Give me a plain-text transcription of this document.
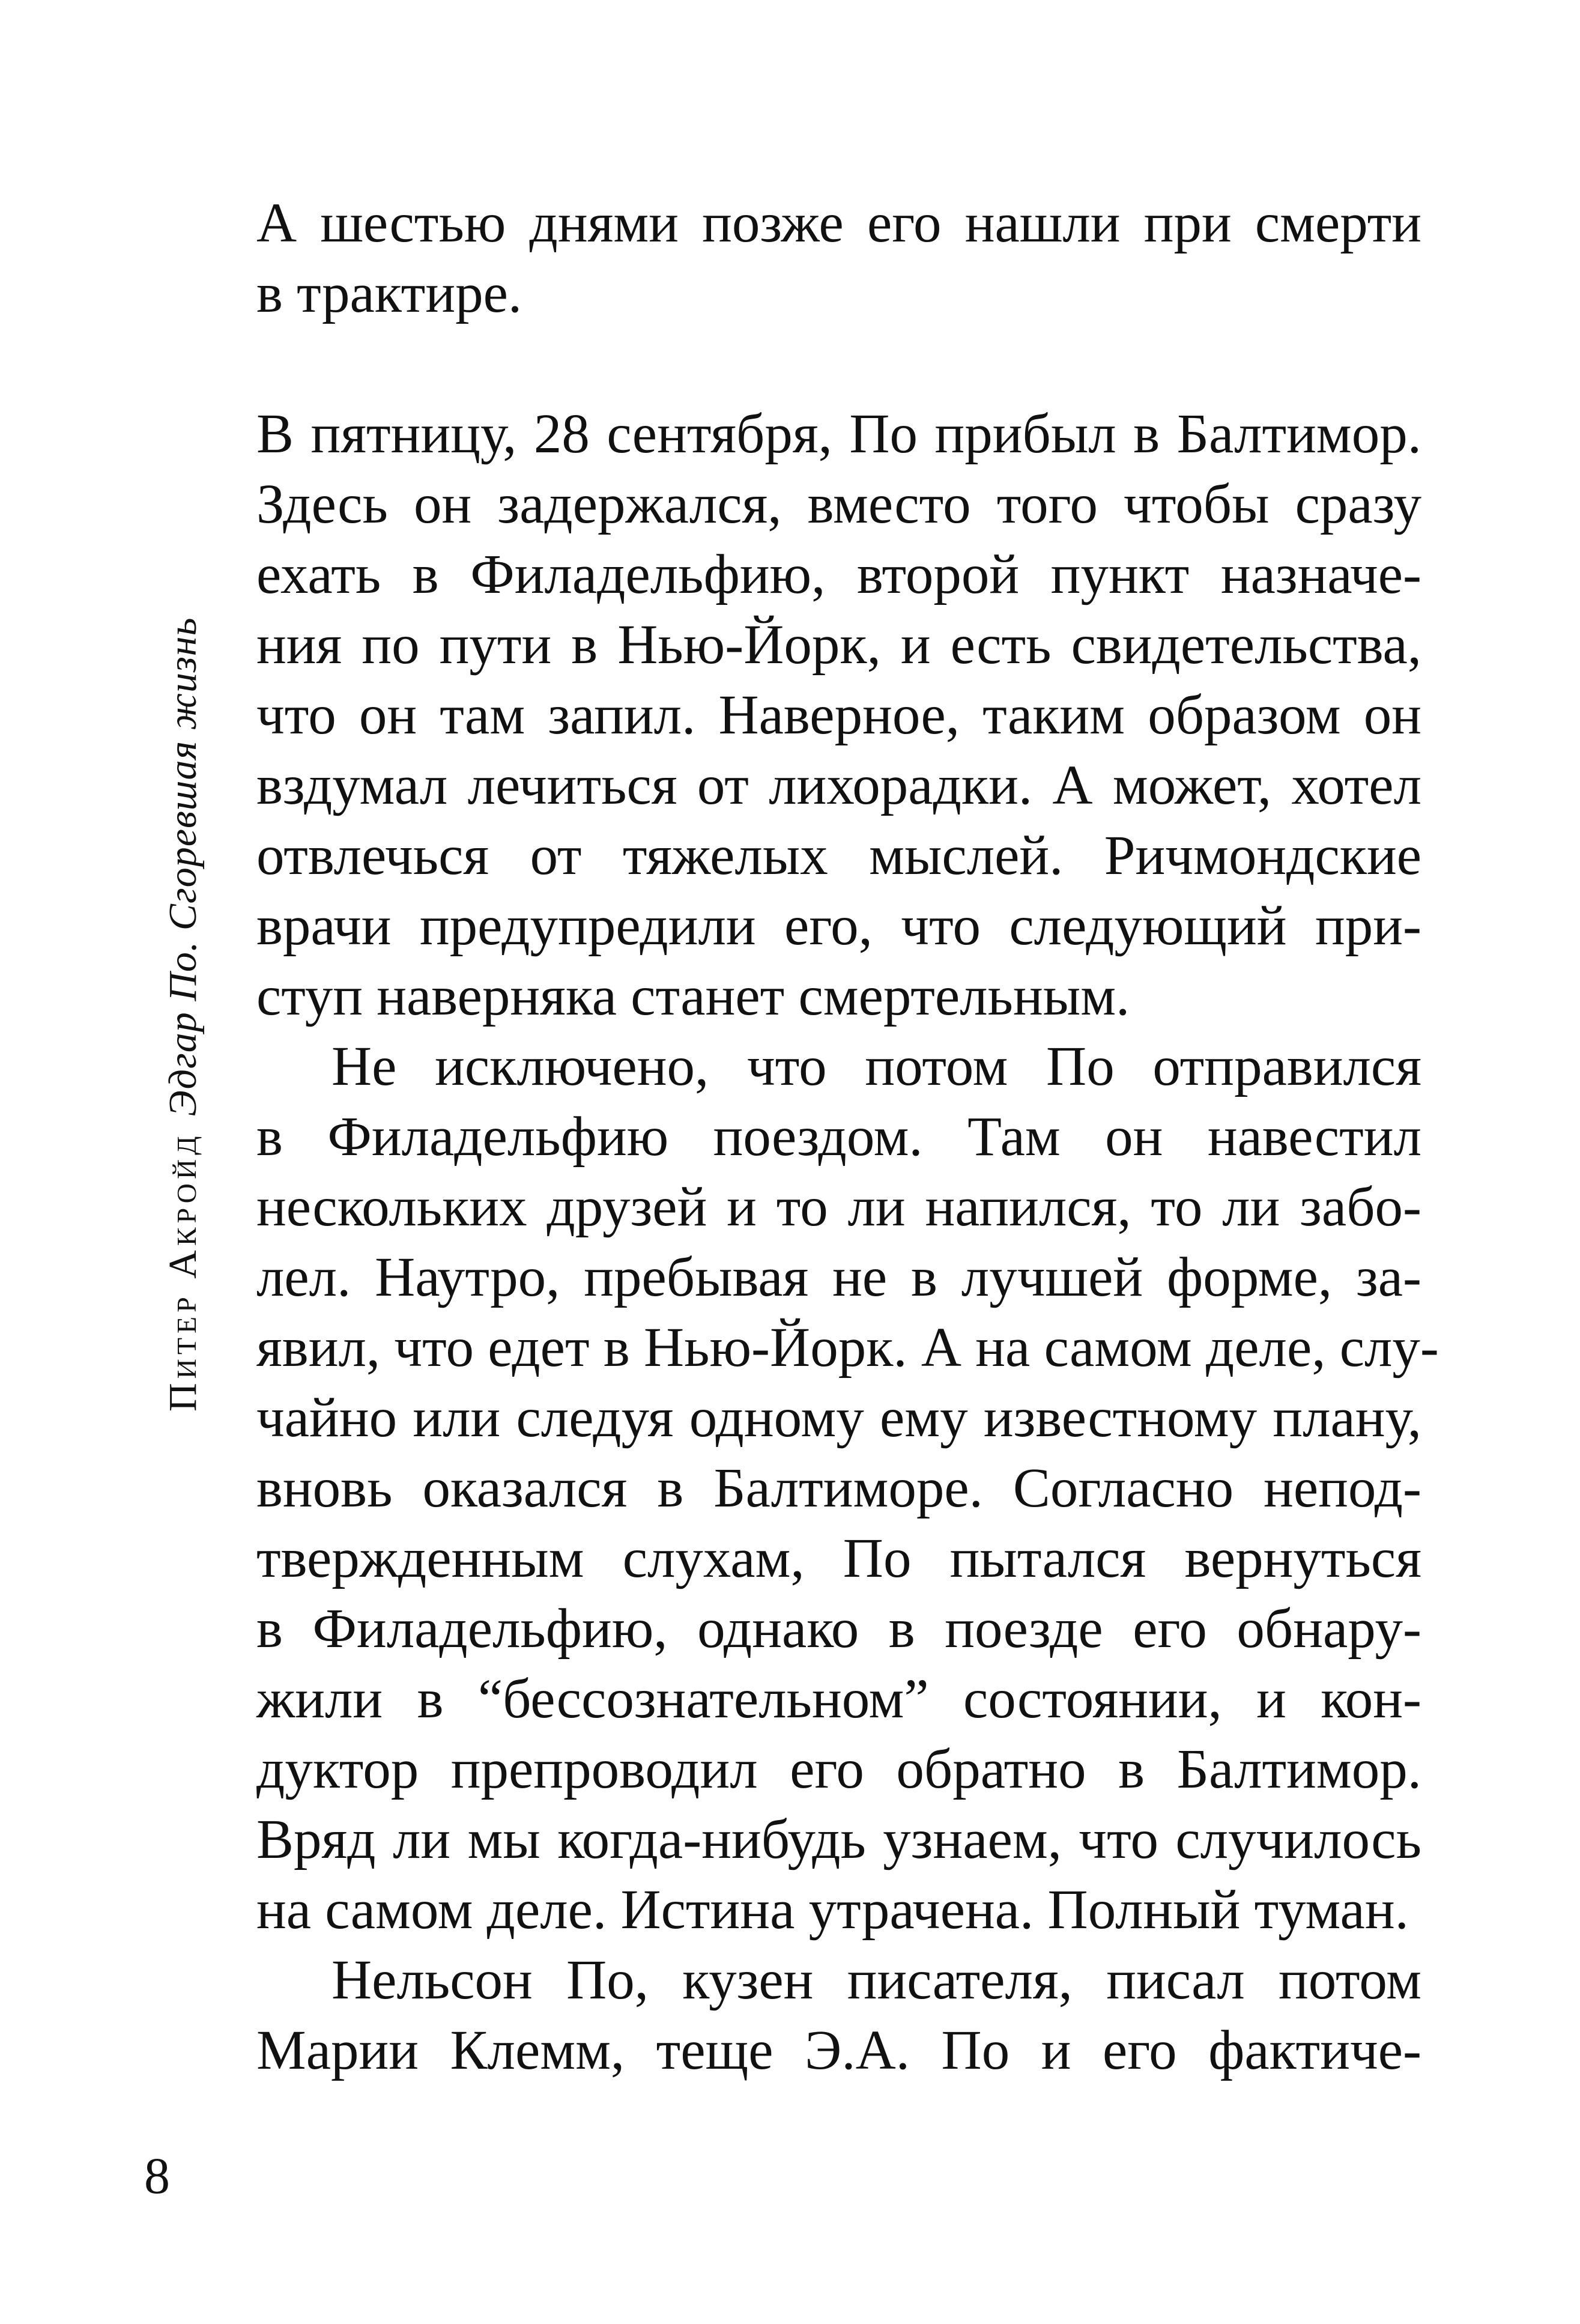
Питер Акройд
Эдгар По. Сгоревшая жизнь
А шестью днями позже его нашли при смерти
в трактире.
В пятницу, 28 сентября, По прибыл в Балтимор.
Здесь он задержался, вместо того чтобы сразу
ехать в Филадельфию, второй пункт назначе-
ния по пути в Нью-Йорк, и есть свидетельства,
что он там запил. Наверное, таким образом он
вздумал лечиться от лихорадки. А может, хотел
отвлечься от тяжелых мыслей. Ричмондские
врачи предупредили его, что следующий при-
ступ наверняка станет смертельным.
Не исключено, что потом По отправился
в Филадельфию поездом. Там он навестил
нескольких друзей и то ли напился, то ли забо-
лел. Наутро, пребывая не в лучшей форме, за-
явил, что едет в Нью-Йорк. А на самом деле, слу-
чайно или следуя одному ему известному плану,
вновь оказался в Балтиморе. Согласно непод-
твержденным слухам, По пытался вернуться
в Филадельфию, однако в поезде его обнару-
жили в “бессознательном” состоянии, и кон-
дуктор препроводил его обратно в Балтимор.
Вряд ли мы когда-нибудь узнаем, что случилось
на самом деле. Истина утрачена. Полный туман.
Нельсон По, кузен писателя, писал потом
Марии Клемм, теще Э.А. По и его фактиче-
8
